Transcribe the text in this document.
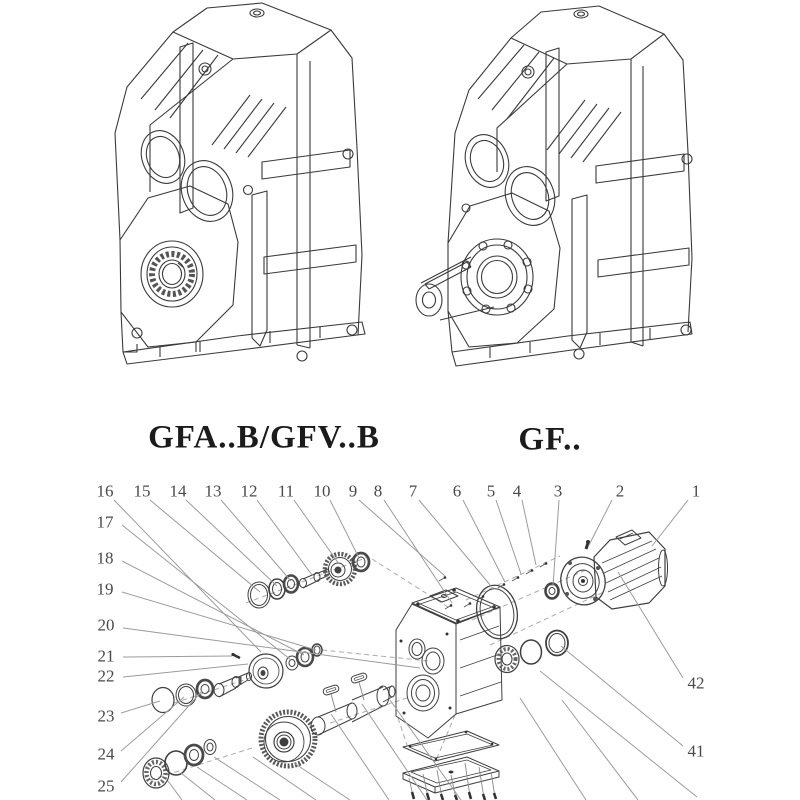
GFA..B/GFV..B	GF..
1
2
3
4
5
6
7
8
9
10
11
12
13
14
15
16
17
18
19
20
21
22
23
24
25
41
42
